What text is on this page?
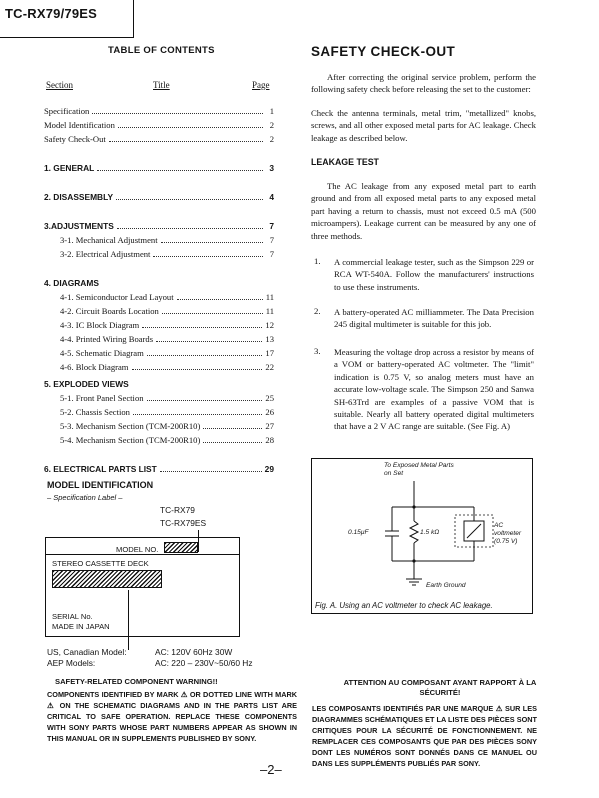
TC-RX79/79ES
TABLE OF CONTENTS
Section	Title	Page
Specification	1
Model Identification	2
Safety Check-Out	2
1. GENERAL	3
2. DISASSEMBLY	4
3.ADJUSTMENTS	7
3-1. Mechanical Adjustment	7
3-2. Electrical Adjustment	7
4. DIAGRAMS
4-1. Semiconductor Lead Layout	11
4-2. Circuit Boards Location	11
4-3. IC Block Diagram	12
4-4. Printed Wiring Boards	13
4-5. Schematic Diagram	17
4-6. Block Diagram	22
5. EXPLODED VIEWS
5-1. Front Panel Section	25
5-2. Chassis Section	26
5-3. Mechanism Section (TCM-200R10)	27
5-4. Mechanism Section (TCM-200R10)	28
6. ELECTRICAL PARTS LIST	29
MODEL IDENTIFICATION
– Specification Label –
TC-RX79
TC-RX79ES
MODEL NO.
STEREO CASSETTE DECK
SERIAL No.
MADE IN JAPAN
US, Canadian Model:	AC: 120V 60Hz 30W
AEP Models:	AC: 220 – 230V~50/60 Hz
SAFETY-RELATED COMPONENT WARNING!!
COMPONENTS IDENTIFIED BY MARK ⚠ OR DOTTED LINE WITH MARK ⚠ ON THE SCHEMATIC DIAGRAMS AND IN THE PARTS LIST ARE CRITICAL TO SAFE OPERATION. REPLACE THESE COMPONENTS WITH SONY PARTS WHOSE PART NUMBERS APPEAR AS SHOWN IN THIS MANUAL OR IN SUPPLEMENTS PUBLISHED BY SONY.
SAFETY CHECK-OUT
After correcting the original service problem, perform the following safety check before releasing the set to the customer:
Check the antenna terminals, metal trim, "metallized" knobs, screws, and all other exposed metal parts for AC leakage. Check leakage as described below.
LEAKAGE TEST
The AC leakage from any exposed metal part to earth ground and from all exposed metal parts to any exposed metal part having a return to chassis, must not exceed 0.5 mA (500 microampers). Leakage current can be measured by any one of three methods.
1. A commercial leakage tester, such as the Simpson 229 or RCA WT-540A. Follow the manufacturers' instructions to use these instruments.
2. A battery-operated AC milliammeter. The Data Precision 245 digital multimeter is suitable for this job.
3. Measuring the voltage drop across a resistor by means of a VOM or battery-operated AC voltmeter. The "limit" indication is 0.75 V, so analog meters must have an accurate low-voltage scale. The Simpson 250 and Sanwa SH-63Trd are examples of a passive VOM that is suitable. Nearly all battery operated digital multimeters that have a 2 V AC range are suitable. (See Fig. A)
To Exposed Metal Parts on Set
0.15μF	1.5 kΩ
AC voltmeter (0.75 V)
Earth Ground
Fig. A. Using an AC voltmeter to check AC leakage.
ATTENTION AU COMPOSANT AYANT RAPPORT À LA SÉCURITÉ!
LES COMPOSANTS IDENTIFIÉS PAR UNE MARQUE ⚠ SUR LES DIAGRAMMES SCHÉMATIQUES ET LA LISTE DES PIÈCES SONT CRITIQUES POUR LA SÉCURITÉ DE FONCTIONNEMENT. NE REMPLACER CES COMPOSANTS QUE PAR DES PIÈCES SONY DONT LES NUMÉROS SONT DONNÉS DANS CE MANUEL OU DANS LES SUPPLÉMENTS PUBLIÉS PAR SONY.
–2–
